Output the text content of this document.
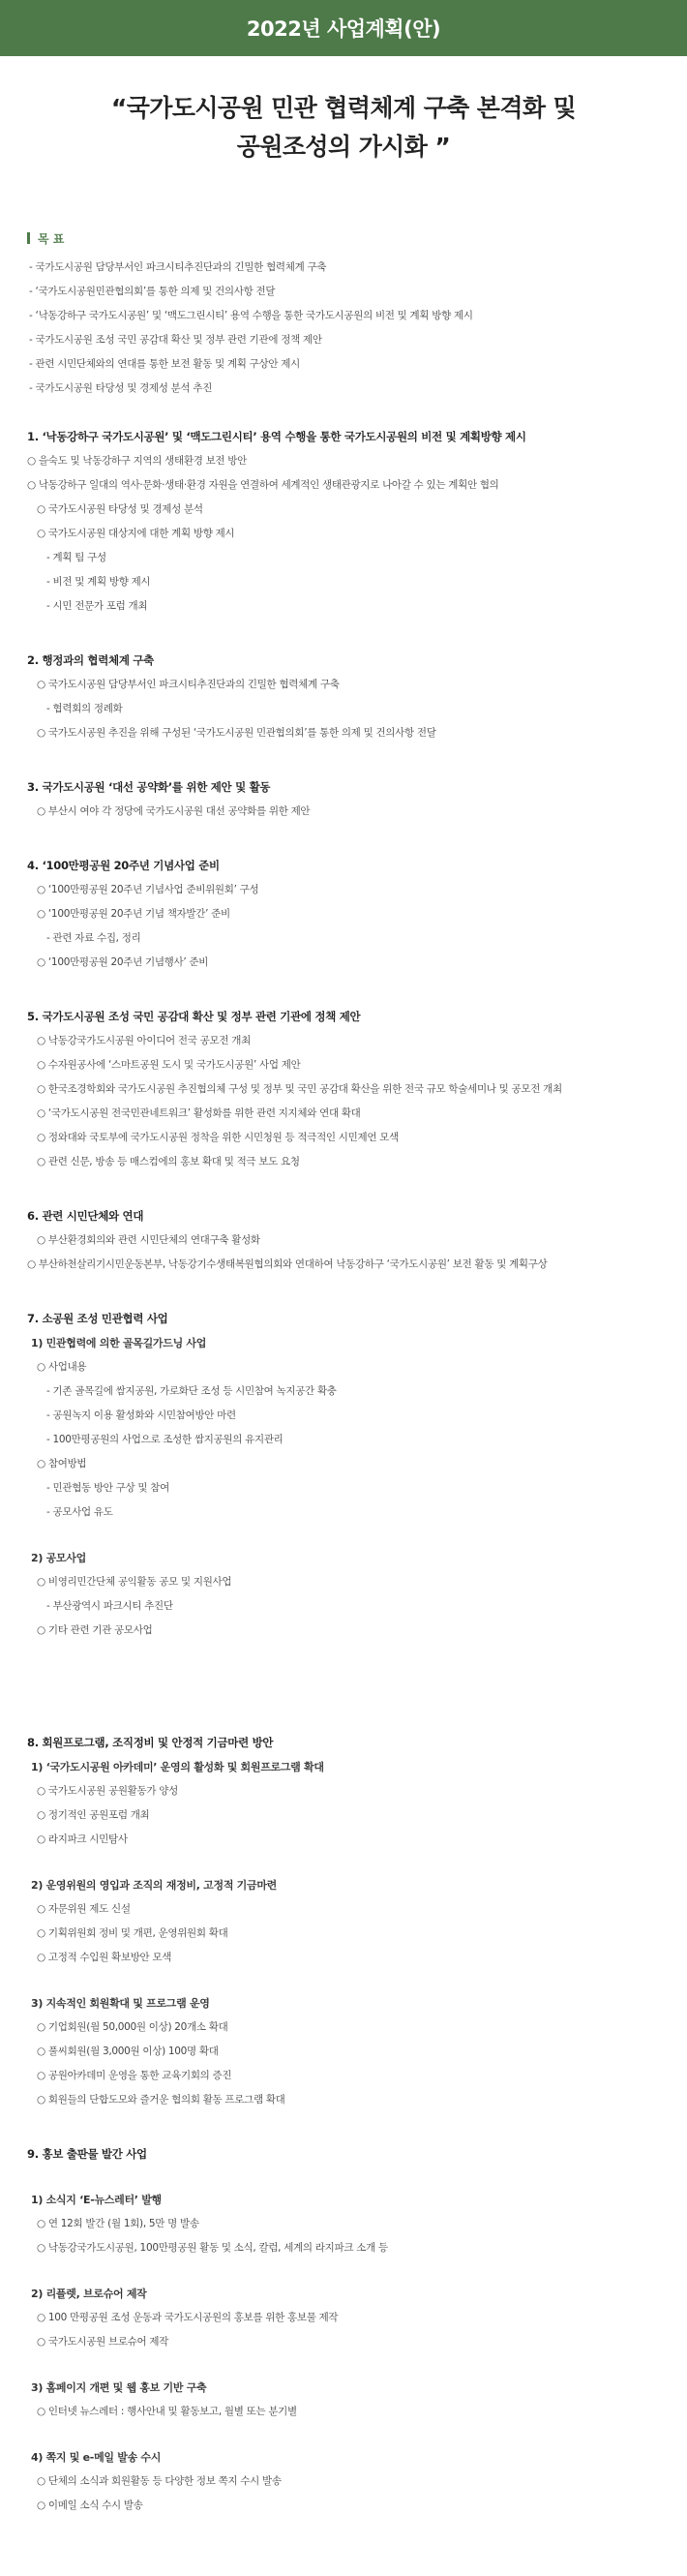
2022년 사업계획(안)
“국가도시공원 민관 협력체계 구축 본격화 및
공원조성의 가시화 ”
목 표
- 국가도시공원 담당부서인 파크시티추진단과의 긴밀한 협력체계 구축
- ‘국가도시공원민관협의회’를 통한 의제 및 건의사항 전달
- ‘낙동강하구 국가도시공원’ 및 ‘맥도그린시티’ 용역 수행을 통한 국가도시공원의 비전 및 계획 방향 제시
- 국가도시공원 조성 국민 공감대 확산 및 정부 관련 기관에 정책 제안
- 관련 시민단체와의 연대를 통한 보전 활동 및 계획 구상안 제시
- 국가도시공원 타당성 및 경제성 분석 추진
1. ‘낙동강하구 국가도시공원’ 및 ‘맥도그린시티’ 용역 수행을 통한 국가도시공원의 비전 및 계획방향 제시
○ 을숙도 및 낙동강하구 지역의 생태환경 보전 방안
○ 낙동강하구 일대의 역사·문화·생태·환경 자원을 연결하여 세계적인 생태관광지로 나아갈 수 있는 계획안 협의
○ 국가도시공원 타당성 및 경제성 분석
○ 국가도시공원 대상지에 대한 계획 방향 제시
- 계획 팀 구성
- 비전 및 계획 방향 제시
- 시민 전문가 포럼 개최
2. 행정과의 협력체계 구축
○ 국가도시공원 담당부서인 파크시티추진단과의 긴밀한 협력체계 구축
- 협력회의 정례화
○ 국가도시공원 추진을 위해 구성된 ‘국가도시공원 민관협의회’를 통한 의제 및 건의사항 전달
3. 국가도시공원 ‘대선 공약화’를 위한 제안 및 활동
○ 부산시 여야 각 정당에 국가도시공원 대선 공약화를 위한 제안
4. ‘100만평공원 20주년 기념사업 준비
○ ‘100만평공원 20주년 기념사업 준비위원회’ 구성
○ ‘100만평공원 20주년 기념 책자발간’ 준비
- 관련 자료 수집, 정리
○ ‘100만평공원 20주년 기념행사’ 준비
5. 국가도시공원 조성 국민 공감대 확산 및 정부 관련 기관에 정책 제안
○ 낙동강국가도시공원 아이디어 전국 공모전 개최
○ 수자원공사에 ‘스마트공원 도시 및 국가도시공원’ 사업 제안
○ 한국조경학회와 국가도시공원 추진협의체 구성 및 정부 및 국민 공감대 확산을 위한 전국 규모 학술세미나 및 공모전 개최
○ ‘국가도시공원 전국민관네트워크’ 활성화를 위한 관련 지지체와 연대 확대
○ 정와대와 국토부에 국가도시공원 정착을 위한 시민청원 등 적극적인 시민제언 모색
○ 관련 신문, 방송 등 매스컴에의 홍보 확대 및 적극 보도 요청
6. 관련 시민단체와 연대
○ 부산환경회의와 관련 시민단체의 연대구축 활성화
○ 부산하천살리기시민운동본부, 낙동강기수생태복원협의회와 연대하여 낙동강하구 ‘국가도시공원’ 보전 활동 및 계획구상
7. 소공원 조성 민관협력 사업
1) 민관협력에 의한 골목길가드닝 사업
○ 사업내용
- 기존 골목길에 쌈지공원, 가로화단 조성 등 시민참여 녹지공간 확충
- 공원녹지 이용 활성화와 시민참여방안 마련
- 100만평공원의 사업으로 조성한 쌈지공원의 유지관리
○ 참여방법
- 민관협동 방안 구상 및 참여
- 공모사업 유도
2) 공모사업
○ 비영리민간단체 공익활동 공모 및 지원사업
- 부산광역시 파크시티 추진단
○ 기타 관련 기관 공모사업
8. 회원프로그램, 조직정비 및 안정적 기금마련 방안
1) ‘국가도시공원 아카데미’ 운영의 활성화 및 회원프로그램 확대
○ 국가도시공원 공원활동가 양성
○ 정기적인 공원포럼 개최
○ 라지파크 시민탐사
2) 운영위원의 영입과 조직의 재정비, 고정적 기금마련
○ 자문위원 제도 신설
○ 기획위원회 정비 및 개편, 운영위원회 확대
○ 고정적 수입원 확보방안 모색
3) 지속적인 회원확대 및 프로그램 운영
○ 기업회원(월 50,000원 이상) 20개소 확대
○ 풀씨회원(월 3,000원 이상) 100명 확대
○ 공원아카데미 운영을 통한 교육기회의 증진
○ 회원들의 단합도모와 즐거운 협의회 활동 프로그램 확대
9. 홍보 출판물 발간 사업
1) 소식지 ‘E-뉴스레터’ 발행
○ 연 12회 발간 (월 1회), 5만 명 발송
○ 낙동강국가도시공원, 100만평공원 활동 및 소식, 칼럼, 세계의 라지파크 소개 등
2) 리플렛, 브로슈어 제작
○ 100 만평공원 조성 운동과 국가도시공원의 홍보를 위한 홍보물 제작
○ 국가도시공원 브로슈어 제작
3) 홈페이지 개편 및 웹 홍보 기반 구축
○ 인터넷 뉴스레터 : 행사안내 및 활동보고, 월별 또는 분기별
4) 쪽지 및 e-메일 발송 수시
○ 단체의 소식과 회원활동 등 다양한 정보 쪽지 수시 발송
○ 이메일 소식 수시 발송
